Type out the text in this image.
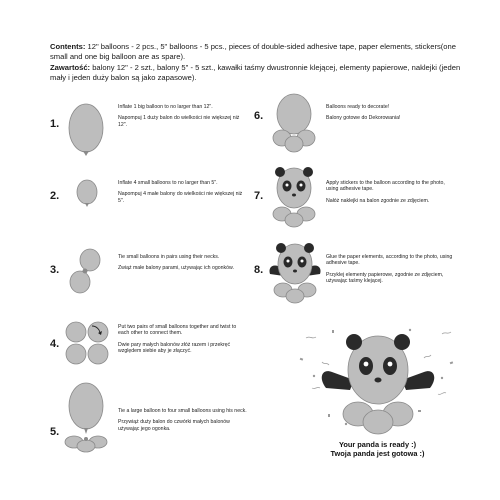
Contents: 12" balloons - 2 pcs., 5" balloons - 5 pcs., pieces of double-sided adhesive tape, paper elements, stickers(one small and one big balloon are as spare).
Zawartość: balony 12" - 2 szt., balony 5" - 5 szt., kawałki taśmy dwustronnie klejącej, elementy papierowe, naklejki (jeden mały i jeden duży balon są jako zapasowe).
1.
Inflate 1 big balloon to no larger than 12".
Napompuj 1 duży balon do wielkości nie większej niż 12".
2.
Inflate 4 small balloons to no larger than 5".
Napompuj 4 małe balony do wielkości nie większej niż 5".
3.
Tie small balloons in pairs using their necks.
Zwiąż małe balony parami, używając ich ogonków.
4.
Put two pairs of small balloons together and twist to each other to connect them.
Dwie pary małych balonów złóż razem i przekręć względem siebie aby je złączyć.
5.
Tie a large balloon to four small balloons using his neck.
Przywiąż duży balon do czwórki małych balonów używając jego ogonka.
6.
Balloons ready to decorate!
Balony gotowe do Dekorowania!
7.
Apply stickers to the balloon according to the photo, using adhesive tape.
Nałóż naklejki na balon zgodnie ze zdjęciem.
8.
Glue the paper elements, according to the photo, using adhesive tape.
Przyklej elementy papierowe, zgodnie ze zdjęciem, używając taśmy klejącej.
Your panda is ready :)
Twoja panda jest gotowa :)
